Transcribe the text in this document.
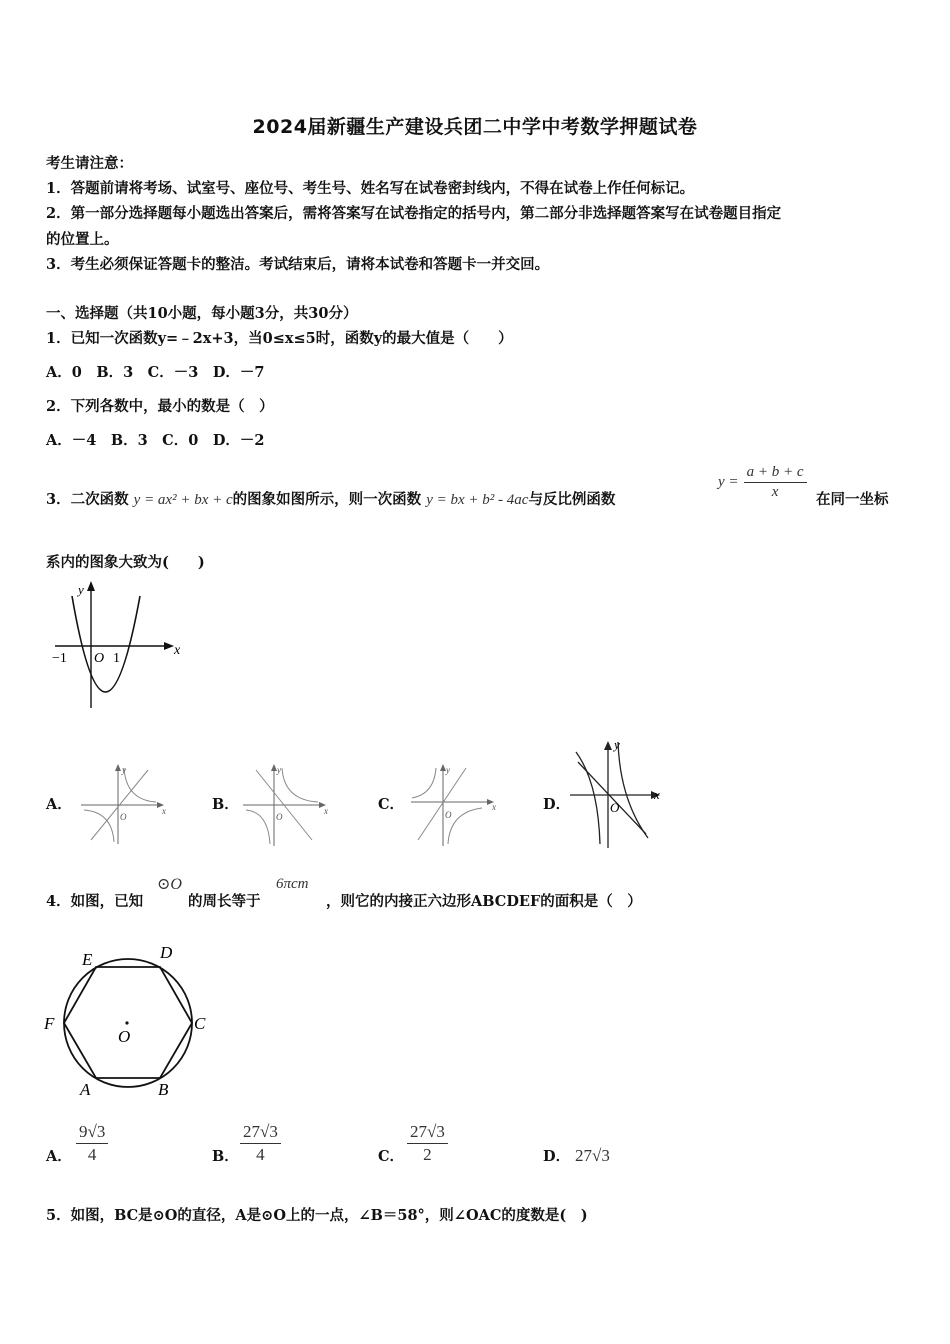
2024届新疆生产建设兵团二中学中考数学押题试卷
考生请注意：
1．答题前请将考场、试室号、座位号、考生号、姓名写在试卷密封线内，不得在试卷上作任何标记。
2．第一部分选择题每小题选出答案后，需将答案写在试卷指定的括号内，第二部分非选择题答案写在试卷题目指定
的位置上。
3．考生必须保证答题卡的整洁。考试结束后，请将本试卷和答题卡一并交回。
一、选择题（共10小题，每小题3分，共30分）
1．已知一次函数y=﹣2x+3，当0≤x≤5时，函数y的最大值是（　　）
A．0　B．3　C．－3　D．－7
2．下列各数中，最小的数是（　）
A．－4　B．3　C．0　D．－2
3．二次函数 y = ax² + bx + c的图象如图所示，则一次函数 y = bx + b² - 4ac与反比例函数
$y = \frac{a + b + c}{x}$ 在同一坐标
系内的图象大致为(　　)
y
x
−1 O 1
A．
y
x
O
B．
y
x
O
C．
y
x
O
D．
y
x
O
4．如图，已知
⊙O
的周长等于
6πcm
，则它的内接正六边形ABCDEF的面积是（　）
A	B
C
D
E
F
O
A． $\frac{9√3}{4}$	B． $\frac{27√3}{4}$	C． $\frac{27√3}{2}$	D． 27√3
5．如图，BC是⊙O的直径，A是⊙O上的一点，∠B＝58°，则∠OAC的度数是(　)
